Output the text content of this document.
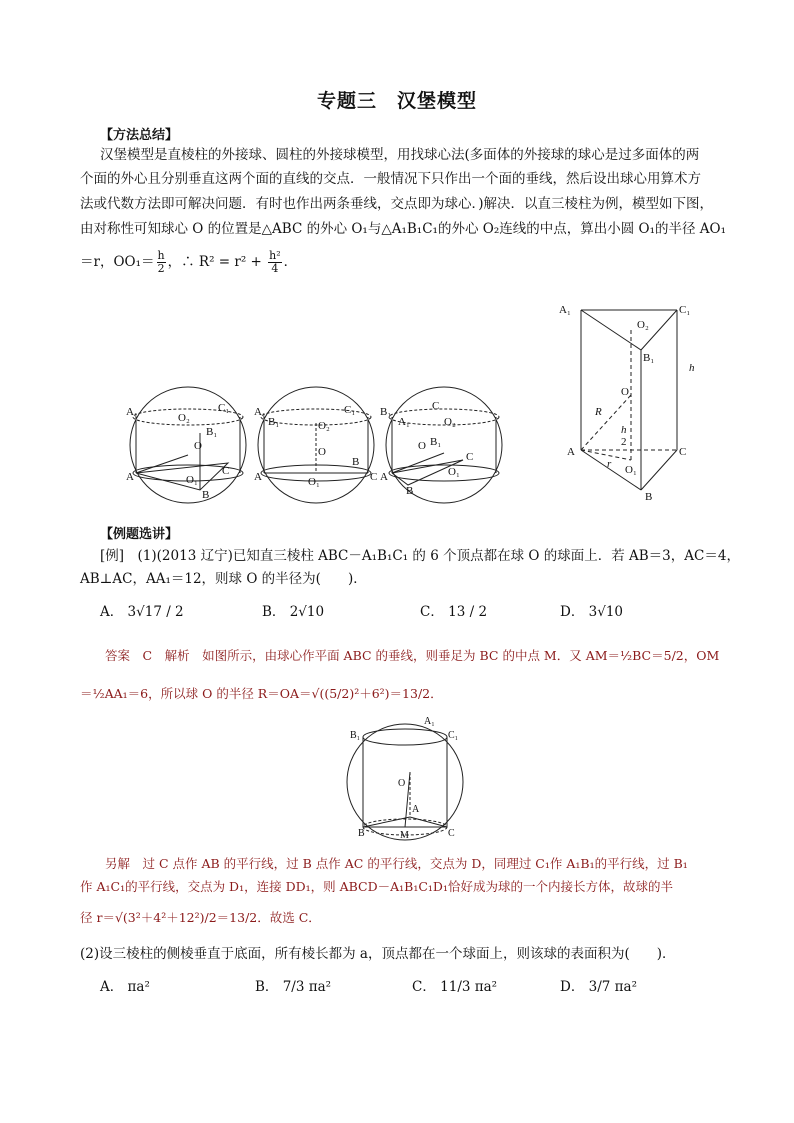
专题三　汉堡模型
【方法总结】
汉堡模型是直棱柱的外接球、圆柱的外接球模型，用找球心法(多面体的外接球的球心是过多面体的两
个面的外心且分别垂直这两个面的直线的交点．一般情况下只作出一个面的垂线，然后设出球心用算术方
法或代数方法即可解决问题．有时也作出两条垂线，交点即为球心．)解决．以直三棱柱为例，模型如下图，
由对称性可知球心 O 的位置是△ABC 的外心 O₁与△A₁B₁C₁的外心 O₂连线的中点，算出小圆 O₁的半径 AO₁
＝r，$OO_1= \frac{h}{2}$ ，∴ $R^2 = r^2 + \frac{\text{h²}}{4}$ ．
A₁	C₁
O₂
B₁
O
A	O₁
B
C
A₁	C₁
O₂
O
A	O₁	C
B
B₁
C
A₁
B₁
O₂
B₁
O
A	O₁
B
C
A₁	C₁
O₂
B₁
h
O
R
h
2
A	C
r O₁
B
【例题选讲】
[例]　(1)(2013 辽宁)已知直三棱柱 ABC－A₁B₁C₁ 的 6 个顶点都在球 O 的球面上．若 AB＝3，AC＝4，
AB⊥AC，AA₁＝12，则球 O 的半径为(　　)．
A． 3√17 / 2	B． 2√10	C． 13 / 2	D． 3√10
答案　C　解析　如图所示，由球心作平面 ABC 的垂线，则垂足为 BC 的中点 M．又 AM＝½BC＝5/2，OM
＝½AA₁＝6，所以球 O 的半径 R＝OA＝√((5/2)²＋6²)＝13/2．
B₁
A₁
C₁
O
A
B	M	C
另解　过 C 点作 AB 的平行线，过 B 点作 AC 的平行线，交点为 D，同理过 C₁作 A₁B₁的平行线，过 B₁
作 A₁C₁的平行线，交点为 D₁，连接 DD₁，则 ABCD－A₁B₁C₁D₁恰好成为球的一个内接长方体，故球的半
径 r＝√(3²＋4²＋12²)/2＝13/2．故选 C．
(2)设三棱柱的侧棱垂直于底面，所有棱长都为 a，顶点都在一个球面上，则该球的表面积为(　　)．
A． πa²	B． 7/3 πa²	C． 11/3 πa²	D． 3/7 πa²
